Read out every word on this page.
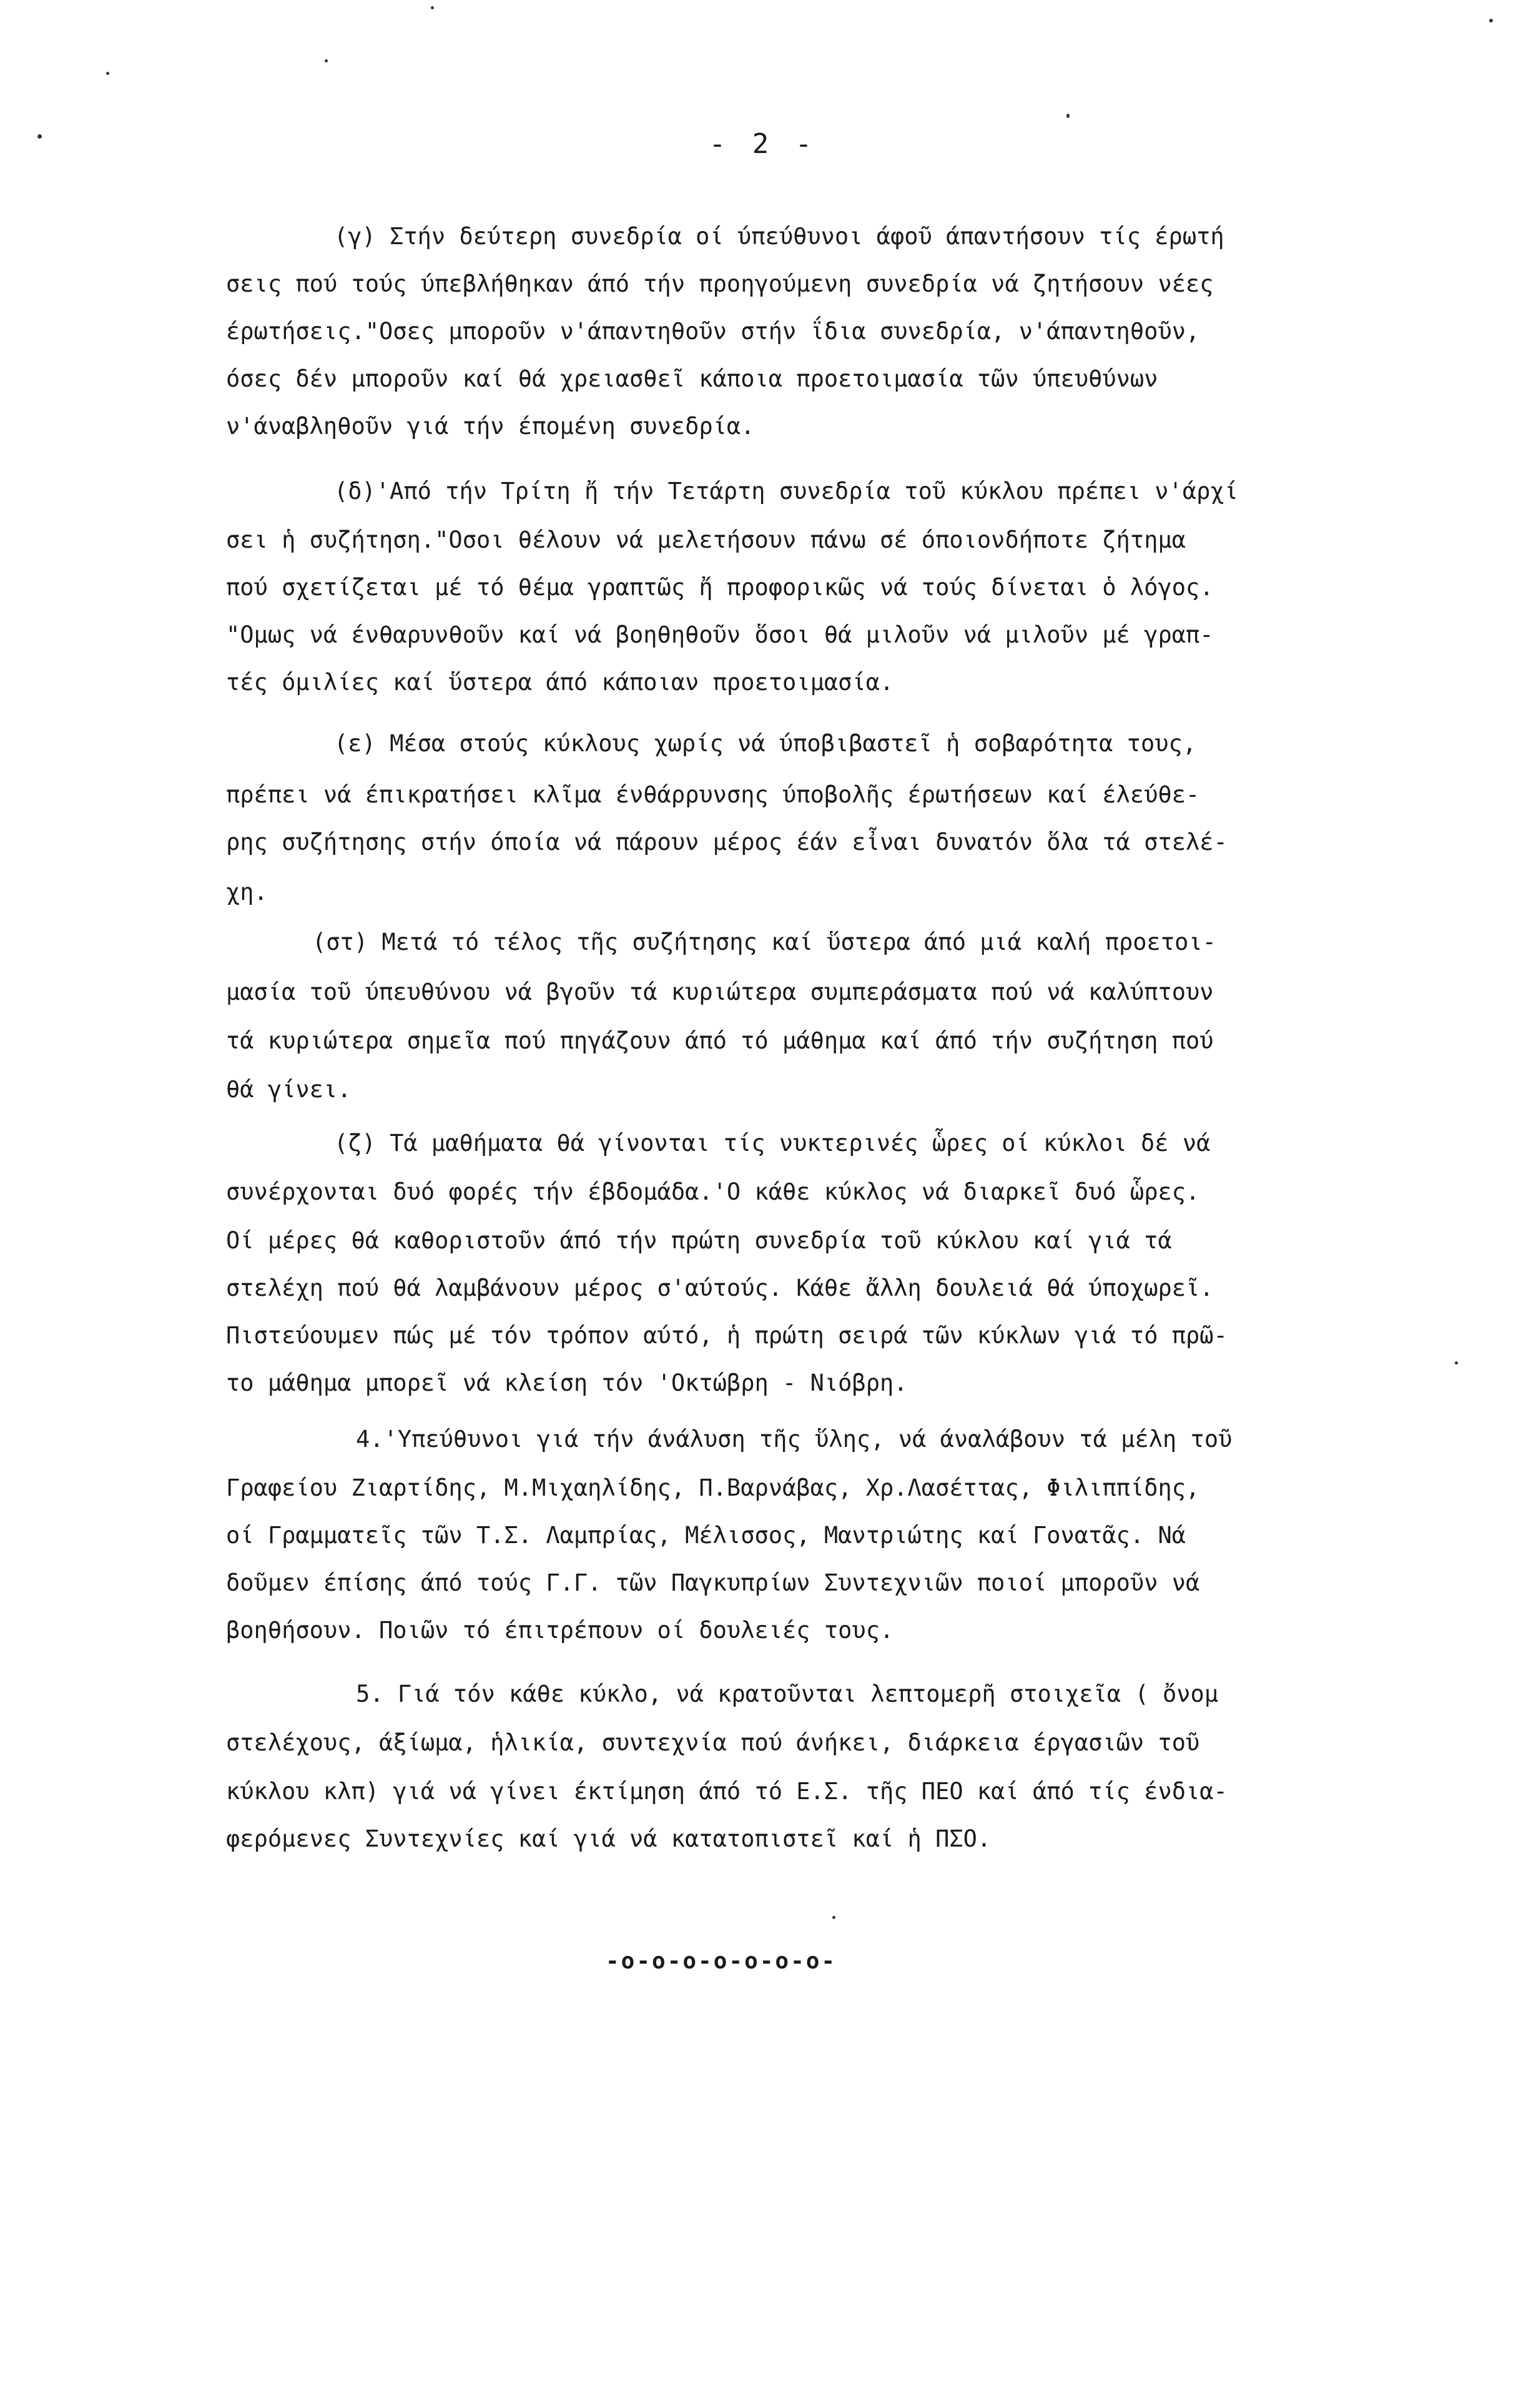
- 2 -
(γ) Στήν δεύτερη συνεδρία οί ύπεύθυνοι άφοῦ άπαντήσουν τίς έρωτή
σεις πού τούς ύπεβλήθηκαν άπό τήν προηγούμενη συνεδρία νά ζητήσουν νέες
έρωτήσεις."Οσες μποροῦν ν'άπαντηθοῦν στήν ΐδια συνεδρία, ν'άπαντηθοῦν,
όσες δέν μποροῦν καί θά χρειασθεῖ κάποια προετοιμασία τῶν ύπευθύνων
ν'άναβληθοῦν γιά τήν έπομένη συνεδρία.
(δ)'Από τήν Τρίτη ἤ τήν Τετάρτη συνεδρία τοῦ κύκλου πρέπει ν'άρχί
σει ἡ συζήτηση."Οσοι θέλουν νά μελετήσουν πάνω σέ όποιονδήποτε ζήτημα
πού σχετίζεται μέ τό θέμα γραπτῶς ἤ προφορικῶς νά τούς δίνεται ὁ λόγος.
"Ομως νά ένθαρυνθοῦν καί νά βοηθηθοῦν ὅσοι θά μιλοῦν νά μιλοῦν μέ γραπ-
τές όμιλίες καί ὕστερα άπό κάποιαν προετοιμασία.
(ε) Μέσα στούς κύκλους χωρίς νά ύποβιβαστεῖ ἡ σοβαρότητα τους,
πρέπει νά έπικρατήσει κλῖμα ένθάρρυνσης ύποβολῆς έρωτήσεων καί έλεύθε-
ρης συζήτησης στήν όποία νά πάρουν μέρος έάν εἶναι δυνατόν ὅλα τά στελέ-
χη.
(στ) Μετά τό τέλος τῆς συζήτησης καί ὕστερα άπό μιά καλή προετοι-
μασία τοῦ ύπευθύνου νά βγοῦν τά κυριώτερα συμπεράσματα πού νά καλύπτουν
τά κυριώτερα σημεῖα πού πηγάζουν άπό τό μάθημα καί άπό τήν συζήτηση πού
θά γίνει.
(ζ) Τά μαθήματα θά γίνονται τίς νυκτερινές ὧρες οί κύκλοι δέ νά
συνέρχονται δυό φορές τήν έβδομάδα.'Ο κάθε κύκλος νά διαρκεῖ δυό ὧρες.
Οί μέρες θά καθοριστοῦν άπό τήν πρώτη συνεδρία τοῦ κύκλου καί γιά τά
στελέχη πού θά λαμβάνουν μέρος σ'αύτούς. Κάθε ἄλλη δουλειά θά ύποχωρεῖ.
Πιστεύουμεν πώς μέ τόν τρόπον αύτό, ἡ πρώτη σειρά τῶν κύκλων γιά τό πρῶ-
το μάθημα μπορεῖ νά κλείση τόν 'Οκτώβρη - Νιόβρη.
4.'Υπεύθυνοι γιά τήν άνάλυση τῆς ὕλης, νά άναλάβουν τά μέλη τοῦ
Γραφείου Ζιαρτίδης, Μ.Μιχαηλίδης, Π.Βαρνάβας, Χρ.Λασέττας, Φιλιππίδης,
οί Γραμματεῖς τῶν Τ.Σ. Λαμπρίας, Μέλισσος, Μαντριώτης καί Γονατᾶς. Νά
δοῦμεν έπίσης άπό τούς Γ.Γ. τῶν Παγκυπρίων Συντεχνιῶν ποιοί μποροῦν νά
βοηθήσουν. Ποιῶν τό έπιτρέπουν οί δουλειές τους.
5. Γιά τόν κάθε κύκλο, νά κρατοῦνται λεπτομερῆ στοιχεῖα ( ὄνομ
στελέχους, άξίωμα, ἡλικία, συντεχνία πού άνήκει, διάρκεια έργασιῶν τοῦ
κύκλου κλπ) γιά νά γίνει έκτίμηση άπό τό Ε.Σ. τῆς ΠΕΟ καί άπό τίς ένδια-
φερόμενες Συντεχνίες καί γιά νά κατατοπιστεῖ καί ἡ ΠΣΟ.
-o-o-o-o-o-o-o-
